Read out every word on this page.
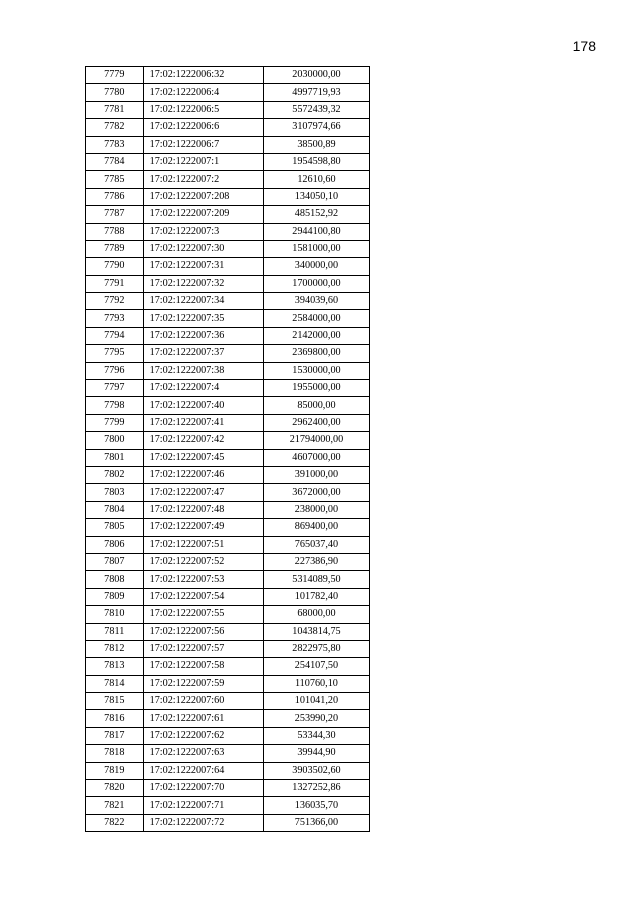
178
7779	17:02:1222006:32	2030000,00
7780	17:02:1222006:4	4997719,93
7781	17:02:1222006:5	5572439,32
7782	17:02:1222006:6	3107974,66
7783	17:02:1222006:7	38500,89
7784	17:02:1222007:1	1954598,80
7785	17:02:1222007:2	12610,60
7786	17:02:1222007:208	134050,10
7787	17:02:1222007:209	485152,92
7788	17:02:1222007:3	2944100,80
7789	17:02:1222007:30	1581000,00
7790	17:02:1222007:31	340000,00
7791	17:02:1222007:32	1700000,00
7792	17:02:1222007:34	394039,60
7793	17:02:1222007:35	2584000,00
7794	17:02:1222007:36	2142000,00
7795	17:02:1222007:37	2369800,00
7796	17:02:1222007:38	1530000,00
7797	17:02:1222007:4	1955000,00
7798	17:02:1222007:40	85000,00
7799	17:02:1222007:41	2962400,00
7800	17:02:1222007:42	21794000,00
7801	17:02:1222007:45	4607000,00
7802	17:02:1222007:46	391000,00
7803	17:02:1222007:47	3672000,00
7804	17:02:1222007:48	238000,00
7805	17:02:1222007:49	869400,00
7806	17:02:1222007:51	765037,40
7807	17:02:1222007:52	227386,90
7808	17:02:1222007:53	5314089,50
7809	17:02:1222007:54	101782,40
7810	17:02:1222007:55	68000,00
7811	17:02:1222007:56	1043814,75
7812	17:02:1222007:57	2822975,80
7813	17:02:1222007:58	254107,50
7814	17:02:1222007:59	110760,10
7815	17:02:1222007:60	101041,20
7816	17:02:1222007:61	253990,20
7817	17:02:1222007:62	53344,30
7818	17:02:1222007:63	39944,90
7819	17:02:1222007:64	3903502,60
7820	17:02:1222007:70	1327252,86
7821	17:02:1222007:71	136035,70
7822	17:02:1222007:72	751366,00
